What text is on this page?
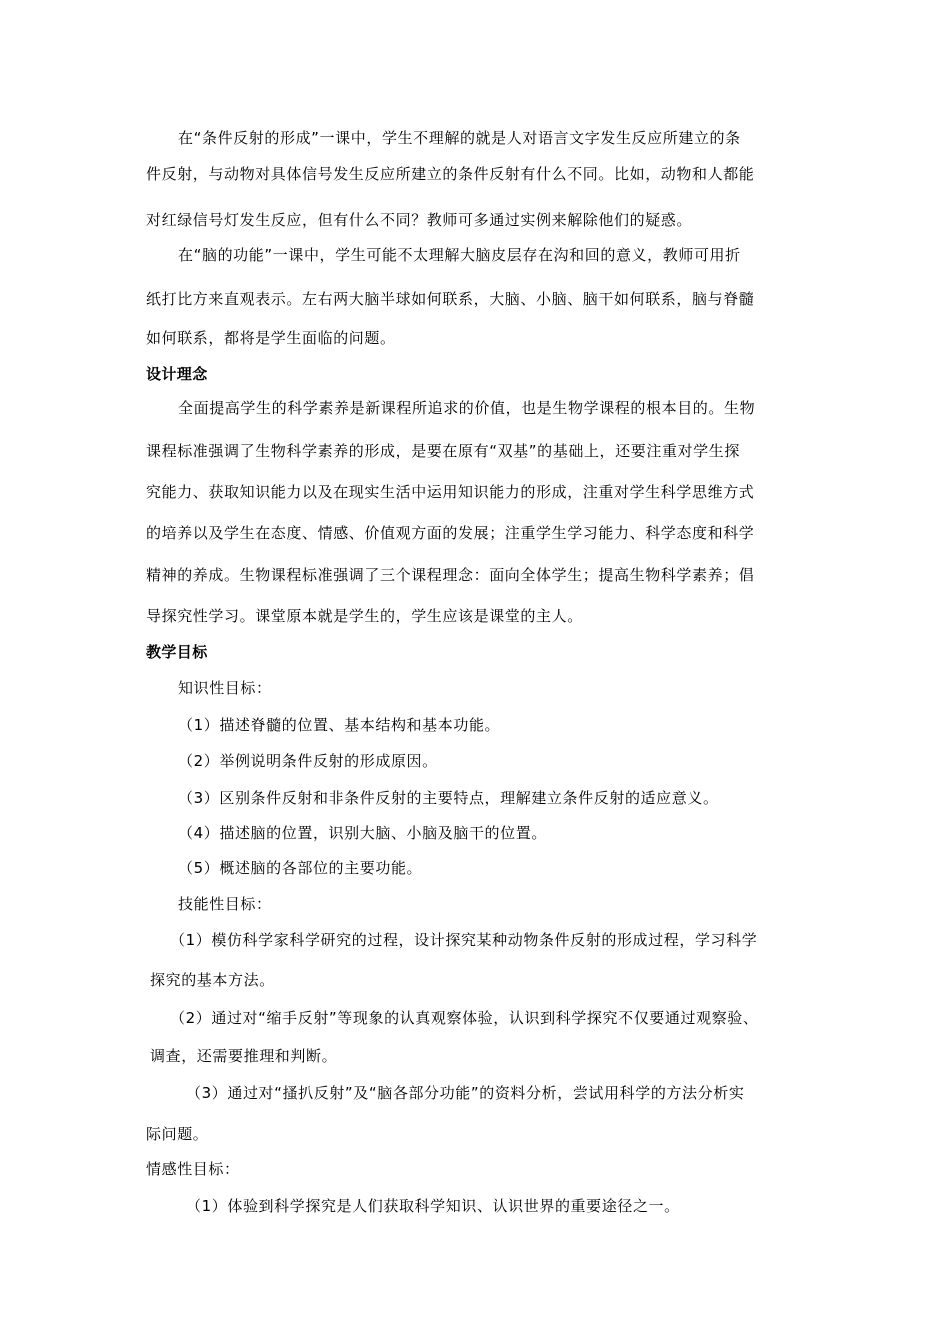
在“条件反射的形成”一课中，学生不理解的就是人对语言文字发生反应所建立的条
件反射，与动物对具体信号发生反应所建立的条件反射有什么不同。比如，动物和人都能
对红绿信号灯发生反应，但有什么不同？教师可多通过实例来解除他们的疑惑。
在“脑的功能”一课中，学生可能不太理解大脑皮层存在沟和回的意义，教师可用折
纸打比方来直观表示。左右两大脑半球如何联系，大脑、小脑、脑干如何联系，脑与脊髓
如何联系，都将是学生面临的问题。
设计理念
全面提高学生的科学素养是新课程所追求的价值，也是生物学课程的根本目的。生物
课程标准强调了生物科学素养的形成，是要在原有“双基”的基础上，还要注重对学生探
究能力、获取知识能力以及在现实生活中运用知识能力的形成，注重对学生科学思维方式
的培养以及学生在态度、情感、价值观方面的发展；注重学生学习能力、科学态度和科学
精神的养成。生物课程标准强调了三个课程理念：面向全体学生；提高生物科学素养；倡
导探究性学习。课堂原本就是学生的，学生应该是课堂的主人。
教学目标
知识性目标：
（1）描述脊髓的位置、基本结构和基本功能。
（2）举例说明条件反射的形成原因。
（3）区别条件反射和非条件反射的主要特点，理解建立条件反射的适应意义。
（4）描述脑的位置，识别大脑、小脑及脑干的位置。
（5）概述脑的各部位的主要功能。
技能性目标：
（1）模仿科学家科学研究的过程，设计探究某种动物条件反射的形成过程，学习科学
探究的基本方法。
（2）通过对“缩手反射”等现象的认真观察体验，认识到科学探究不仅要通过观察验、
调查，还需要推理和判断。
（3）通过对“搔扒反射”及“脑各部分功能”的资料分析，尝试用科学的方法分析实
际问题。
情感性目标：
（1）体验到科学探究是人们获取科学知识、认识世界的重要途径之一。
